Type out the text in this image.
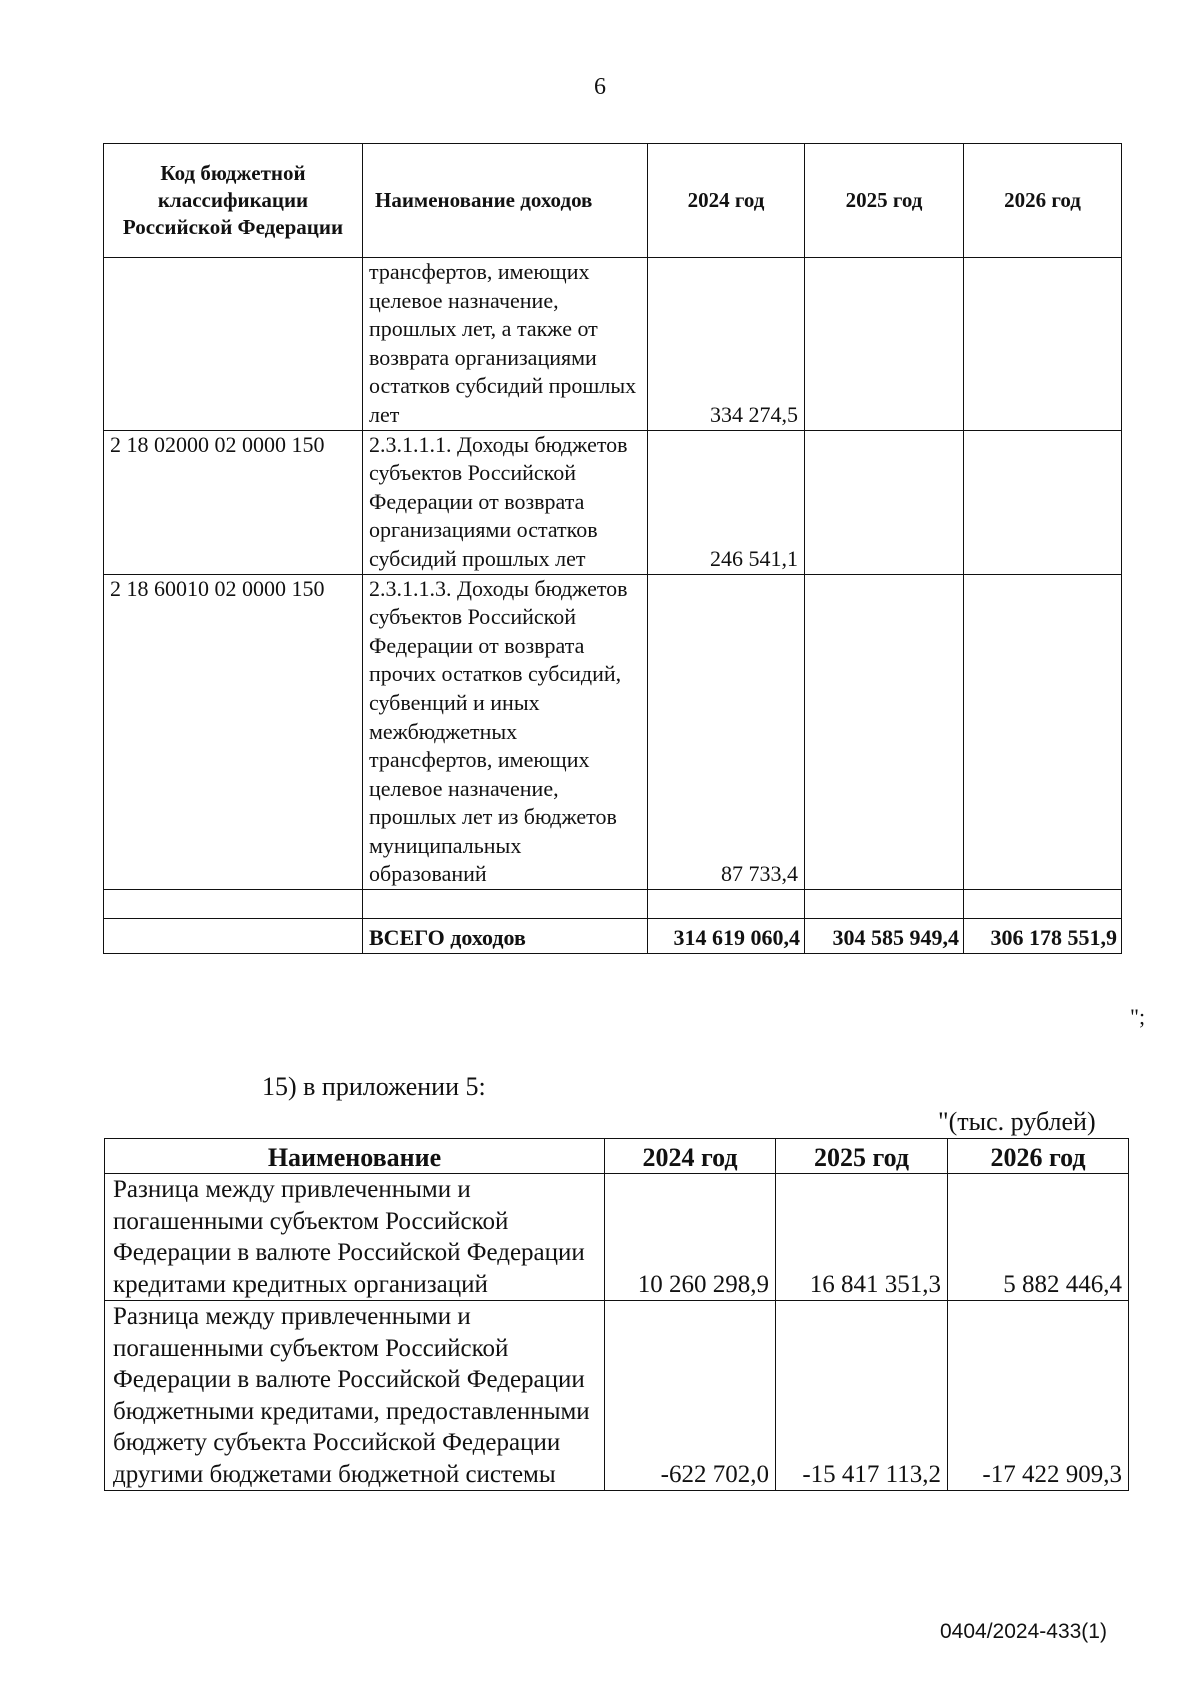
6
Код бюджетной классификации Российской Федерации	Наименование доходов	2024 год	2025 год	2026 год
	трансфертов, имеющих целевое назначение, прошлых лет, а также от возврата организациями остатков субсидий прошлых лет	334 274,5		
2 18 02000 02 0000 150	2.3.1.1.1. Доходы бюджетов субъектов Российской Федерации от возврата организациями остатков субсидий прошлых лет	246 541,1		
2 18 60010 02 0000 150	2.3.1.1.3. Доходы бюджетов субъектов Российской Федерации от возврата прочих остатков субсидий, субвенций и иных межбюджетных трансфертов, имеющих целевое назначение, прошлых лет из бюджетов муниципальных образований	87 733,4		

	ВСЕГО доходов	314 619 060,4	304 585 949,4	306 178 551,9
";
15) в приложении 5:
"(тыс. рублей)
Наименование	2024 год	2025 год	2026 год
Разница между привлеченными и погашенными субъектом Российской Федерации в валюте Российской Федерации кредитами кредитных организаций	10 260 298,9	16 841 351,3	5 882 446,4
Разница между привлеченными и погашенными субъектом Российской Федерации в валюте Российской Федерации бюджетными кредитами, предоставленными бюджету субъекта Российской Федерации другими бюджетами бюджетной системы	-622 702,0	-15 417 113,2	-17 422 909,3
0404/2024-433(1)
